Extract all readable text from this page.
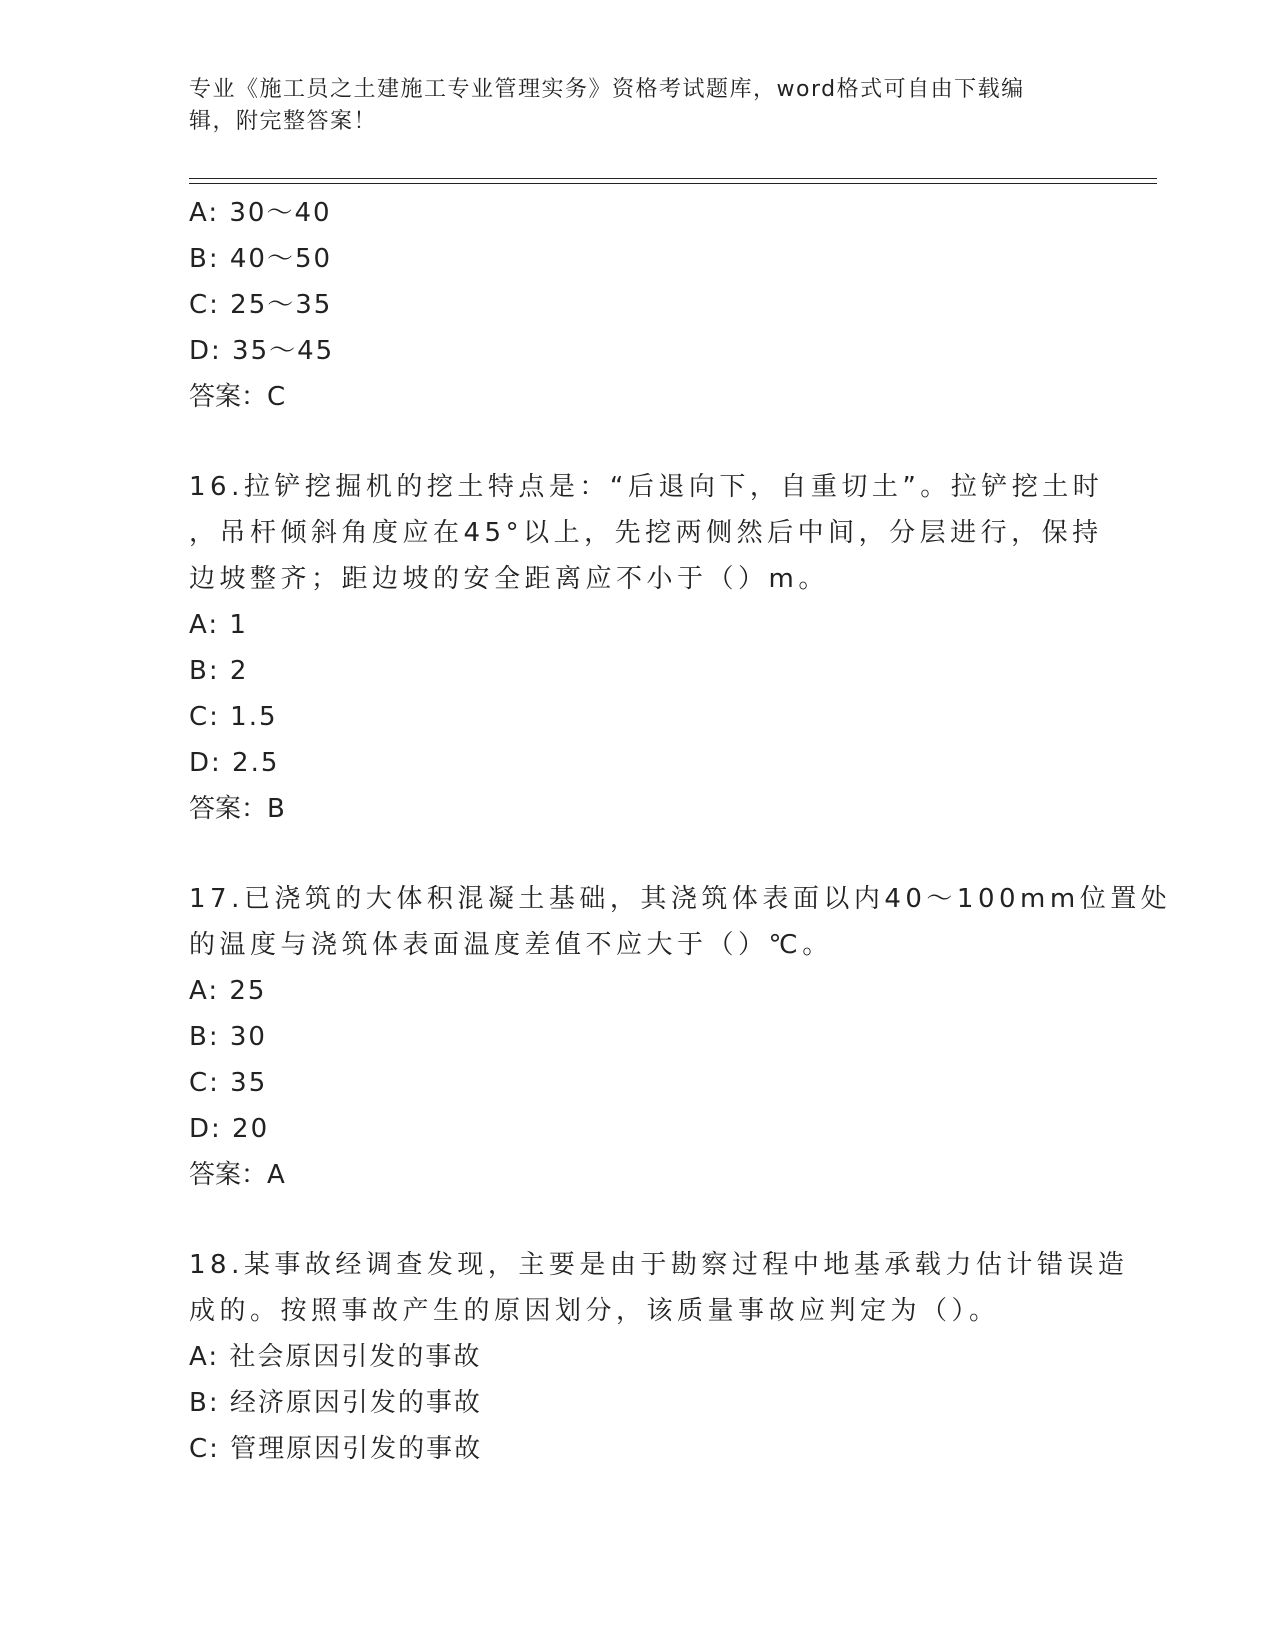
专业《施工员之土建施工专业管理实务》资格考试题库，word格式可自由下载编
辑，附完整答案！
A: 30～40
B: 40～50
C: 25～35
D: 35～45
答案：C
16.拉铲挖掘机的挖土特点是：“后退向下，自重切土”。拉铲挖土时
，吊杆倾斜角度应在45°以上，先挖两侧然后中间，分层进行，保持
边坡整齐；距边坡的安全距离应不小于（）m。
A: 1
B: 2
C: 1.5
D: 2.5
答案：B
17.已浇筑的大体积混凝土基础，其浇筑体表面以内40～100mm位置处
的温度与浇筑体表面温度差值不应大于（）℃。
A: 25
B: 30
C: 35
D: 20
答案：A
18.某事故经调查发现，主要是由于勘察过程中地基承载力估计错误造
成的。按照事故产生的原因划分，该质量事故应判定为（）。
A: 社会原因引发的事故
B: 经济原因引发的事故
C: 管理原因引发的事故
